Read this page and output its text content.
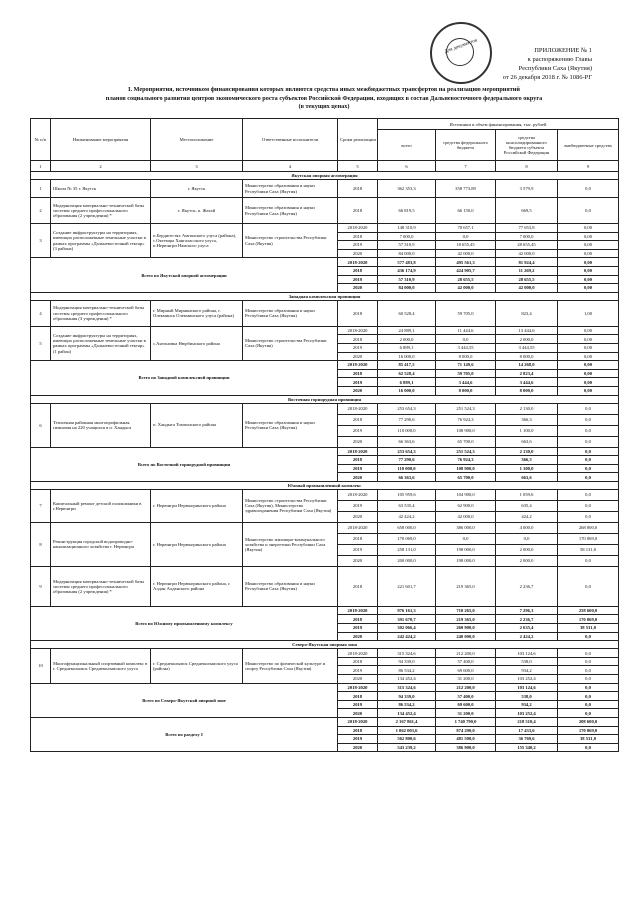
Для документов	ПРИЛОЖЕНИЕ № 1
к распоряжению Главы
Республики Саха (Якутия)
от 26 декабря 2018 г. № 1086-РГ
I. Мероприятия, источником финансирования которых являются средства иных межбюджетных трансфертов на реализацию мероприятий
планов социального развития центров экономического роста субъектов Российской Федерации, входящих в состав Дальневосточного федерального округа
(в текущих ценах)
№ п/п	Наименование мероприятия	Местоположение	Ответственные исполнители	Сроки реализации	Источники и объем финансирования, тыс. рублей			
					всего	средства федерального бюджета	средства консолидированного бюджета субъекта Российской Федерации	внебюджетные средства
1	2	3	4	5	6	7	8	9
Якутская опорная агломерация								
1	Школа № 35 г. Якутск	г. Якутск	Министерство образования и науки Республики Саха (Якутия)	2018	362 353,3	358 773,89	3 579,9	0,0
2	Модернизация материально-технической базы системы среднего профессионального образования (2 учреждения) *	г. Якутск, п. Жатай	Министерство образования и науки Республики Саха (Якутия)	2018	66 819,5	66 150,0	669,5	0,0
3	Создание инфраструктуры на территориях, имеющих расположенные земельные участки в рамках программы «Дальневосточный гектар» (3 района)	п.Бердигестях Амгинского улуса (района), с.Октемцы Хангаласского улуса, п.Нерюнгри Намского улуса	Министерство строительства Республики Саха (Якутия)	2018-2020	148 310,9	70 657,1	77 653,8	0,00
				2018	7 000,0	0,0	7 000,0	0,00
				2019	57 310,9	18 655,45	28 655,45	0,00
				2020	84 000,0	42 000,0	42 000,0	0,00
Всего по Якутской опорной агломерации				2018-2020	577 483,8	495 561,3	81 924,4	0,00
				2018	436 174,9	424 905,7	11 269,2	0,00
				2019	57 310,9	28 655,5	28 655,5	0,00
				2020	84 000,0	42 000,0	42 000,0	0,00
Западная комплексная провинция								
4	Модернизация материально-технической базы системы среднего профессионального образования (3 учреждения) *	г. Мирный Мирнинского района, г. Олекминск Олекминского улуса (района)	Министерство образования и науки Республики Саха (Якутия)	2018	60 528,4	59 705,0	823,4	1,00
5	Создание инфраструктуры на территориях, имеющих расположенные земельные участки в рамках программы «Дальневосточный гектар» (1 район)	с.Антоновка Нюрбинского района	Министерство строительства Республики Саха (Якутия)	2018-2020	24 889,1	11 444,6	13 444,6	0,00
				2018	2 000,0	0,0	2 000,0	0,00
				2019	6 889,1	3 444,55	3 444,55	0,00
				2020	16 000,0	8 000,0	8 000,0	0,00
Всего по Западной комплексной провинции				2018-2020	85 417,5	71 149,6	14 268,0	0,00
				2018	62 528,4	59 705,0	2 823,4	0,00
				2019	6 889,1	3 444,6	3 444,6	0,00
				2020	16 000,0	8 000,0	8 000,0	0,00
Восточная горнорудная провинция								
6	Тепличная районная многопрофильная гимназия на 220 учащихся в п. Хандыга	п. Хандыга Томпонского района	Министерство образования и науки Республики Саха (Якутия)	2018-2020	253 654,3	251 524,3	2 130,0	0,0
				2018	77 290,6	76 924,3	366,3	0,0
				2019	110 000,0	108 900,0	1 100,0	0,0
				2020	66 363,6	65 700,0	663,6	0,0
Всего по Восточной горнорудной провинции				2018-2020	253 654,3	251 524,3	2 130,0	0,0
				2018	77 290,6	76 924,3	366,3	0,0
				2019	110 000,0	108 900,0	1 100,0	0,0
				2020	66 363,6	65 700,0	663,6	0,0
Южный промышленный комплекс								
7	Капитальный ремонт детской поликлиники в г.Нерюнгри	г. Нерюнгри Нерюнгринского района	Министерство строительства Республики Саха (Якутия), Министерство здравоохранения Республики Саха (Якутия)	2018-2020	105 959,6	104 900,0	1 059,6	0,0
				2019	63 535,4	62 900,0	635,4	0,0
				2020	42 424,2	42 000,0	424,2	0,0
8	Реконструкция городской водопроводно-канализационного хозяйства г. Нерюнгри	г. Нерюнгри Нерюнгринского района	Министерство жилищно-коммунального хозяйства и энергетики Республики Саха (Якутия)	2018-2020	658 000,0	386 000,0	4 000,0	268 000,0
				2018	170 069,0	0,0	0,0	170 069,0
				2019	258 131,0	198 000,0	2 000,0	58 131,0
				2020	200 000,0	198 000,0	2 000,0	0,0
9	Модернизация материально-технической базы системы среднего профессионального образования (2 учреждения) *	г. Нерюнгри Нерюнгринского района, г. Алдан Алданского района	Министерство образования и науки Республики Саха (Якутия)	2018	221 601,7	219 365,0	2 236,7	0,0
Всего по Южному промышленному комплексу				2018-2020	976 161,3	710 265,0	7 296,3	258 600,0
				2018	391 670,7	219 365,0	2 236,7	170 069,0
				2019	302 066,4	260 900,0	2 635,4	38 531,0
				2020	242 424,2	240 000,0	2 424,2	0,0
Северо-Якутская опорная зона								
10	Многофункциональный спортивный комплекс в г. Среднеколымск Среднеколымского улуса	г. Среднеколымск Среднеколымского улуса (района)	Министерство по физической культуре и спорту Республики Саха (Якутия)	2018-2020	315 324,6	212 200,0	103 124,6	0,0
				2018	94 339,0	57 400,0	538,0	0,0
				2019	86 534,2	69 600,0	934,2	0,0
				2020	134 452,4	31 200,0	103 252,4	0,0
Всего по Северо-Якутской опорной зоне				2018-2020	315 324,6	212 200,0	103 124,6	0,0
				2018	94 339,0	57 400,0	538,0	0,0
				2019	86 534,2	69 600,0	934,2	0,0
				2020	134 452,4	31 200,0	103 252,4	0,0
Всего по разделу I				2018-2020	2 167 861,4	1 740 790,0	218 510,4	208 600,0
				2018	1 062 003,6	874 290,0	17 433,6	170 069,0
				2019	562 800,6	481 500,0	36 769,6	38 531,0
				2020	543 239,2	386 900,0	155 340,2	0,0
